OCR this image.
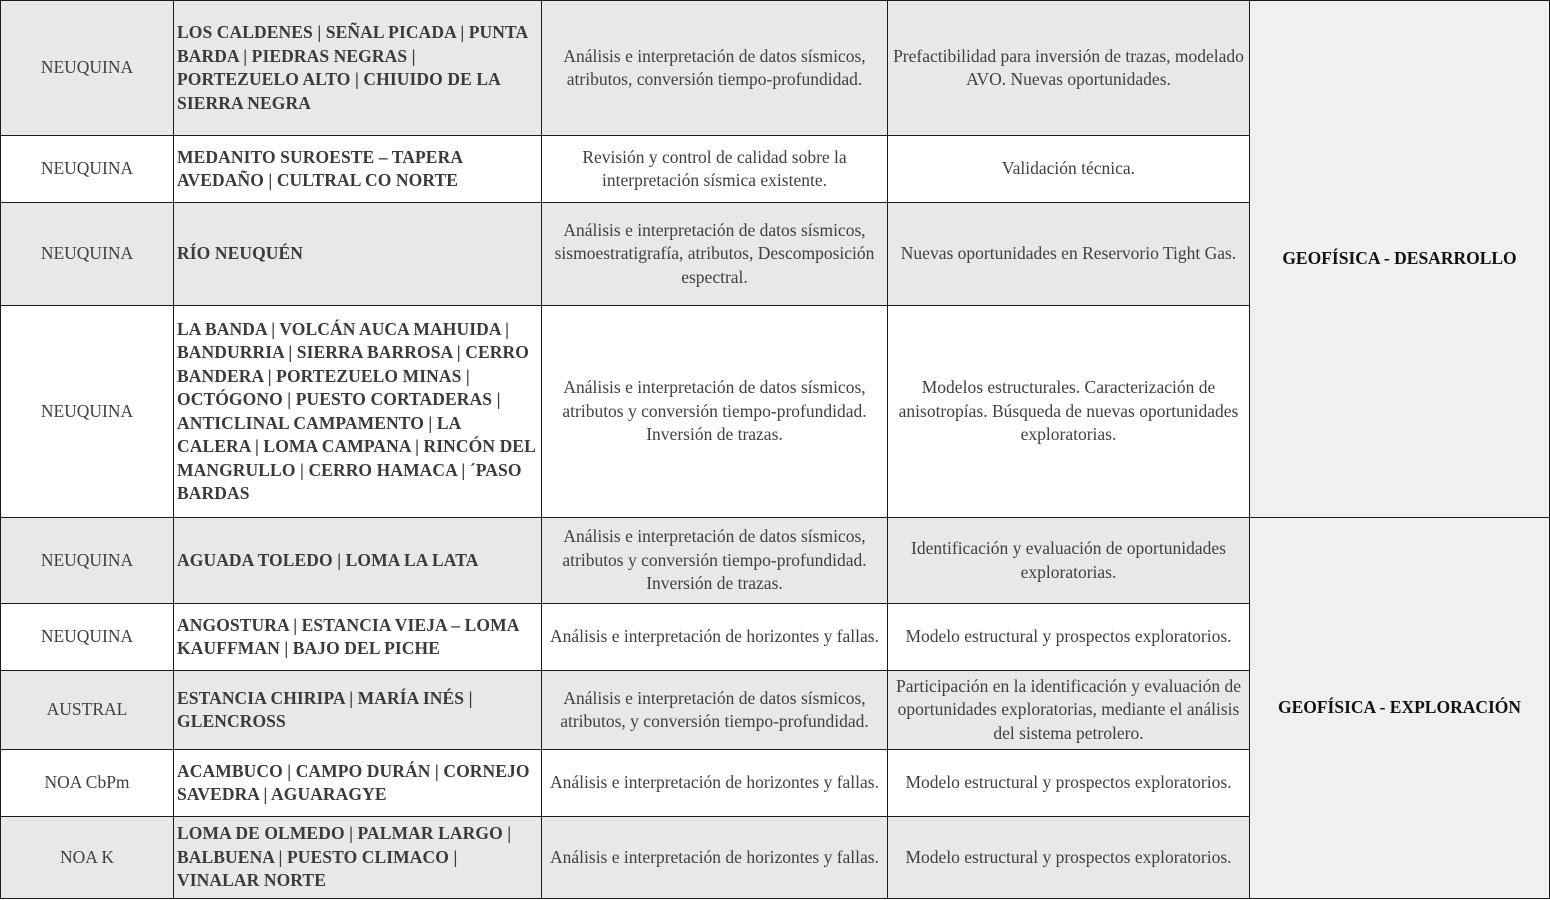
NEUQUINA	LOS CALDENES | SEÑAL PICADA | PUNTA BARDA | PIEDRAS NEGRAS | PORTEZUELO ALTO | CHIUIDO DE LA SIERRA NEGRA	Análisis e interpretación de datos sísmicos, atributos, conversión tiempo-profundidad.	Prefactibilidad para inversión de trazas, modelado AVO. Nuevas oportunidades.	GEOFÍSICA - DESARROLLO
NEUQUINA	MEDANITO SUROESTE – TAPERA AVEDAÑO | CULTRAL CO NORTE	Revisión y control de calidad sobre la interpretación sísmica existente.	Validación técnica.	
NEUQUINA	RÍO NEUQUÉN	Análisis e interpretación de datos sísmicos, sismoestratigrafía, atributos, Descomposición espectral.	Nuevas oportunidades en Reservorio Tight Gas.	
NEUQUINA	LA BANDA | VOLCÁN AUCA MAHUIDA | BANDURRIA | SIERRA BARROSA | CERRO BANDERA | PORTEZUELO MINAS | OCTÓGONO | PUESTO CORTADERAS | ANTICLINAL CAMPAMENTO | LA CALERA | LOMA CAMPANA | RINCÓN DEL MANGRULLO | CERRO HAMACA | ´PASO BARDAS	Análisis e interpretación de datos sísmicos, atributos y conversión tiempo-profundidad. Inversión de trazas.	Modelos estructurales. Caracterización de anisotropías. Búsqueda de nuevas oportunidades exploratorias.	
NEUQUINA	AGUADA TOLEDO | LOMA LA LATA	Análisis e interpretación de datos sísmicos, atributos y conversión tiempo-profundidad. Inversión de trazas.	Identificación y evaluación de oportunidades exploratorias.	GEOFÍSICA - EXPLORACIÓN
NEUQUINA	ANGOSTURA | ESTANCIA VIEJA – LOMA KAUFFMAN | BAJO DEL PICHE	Análisis e interpretación de horizontes y fallas.	Modelo estructural y prospectos exploratorios.	
AUSTRAL	ESTANCIA CHIRIPA | MARÍA INÉS | GLENCROSS	Análisis e interpretación de datos sísmicos, atributos, y conversión tiempo-profundidad.	Participación en la identificación y evaluación de oportunidades exploratorias, mediante el análisis del sistema petrolero.	
NOA CbPm	ACAMBUCO | CAMPO DURÁN | CORNEJO SAVEDRA | AGUARAGYE	Análisis e interpretación de horizontes y fallas.	Modelo estructural y prospectos exploratorios.	
NOA K	LOMA DE OLMEDO | PALMAR LARGO | BALBUENA | PUESTO CLIMACO | VINALAR NORTE	Análisis e interpretación de horizontes y fallas.	Modelo estructural y prospectos exploratorios.	
